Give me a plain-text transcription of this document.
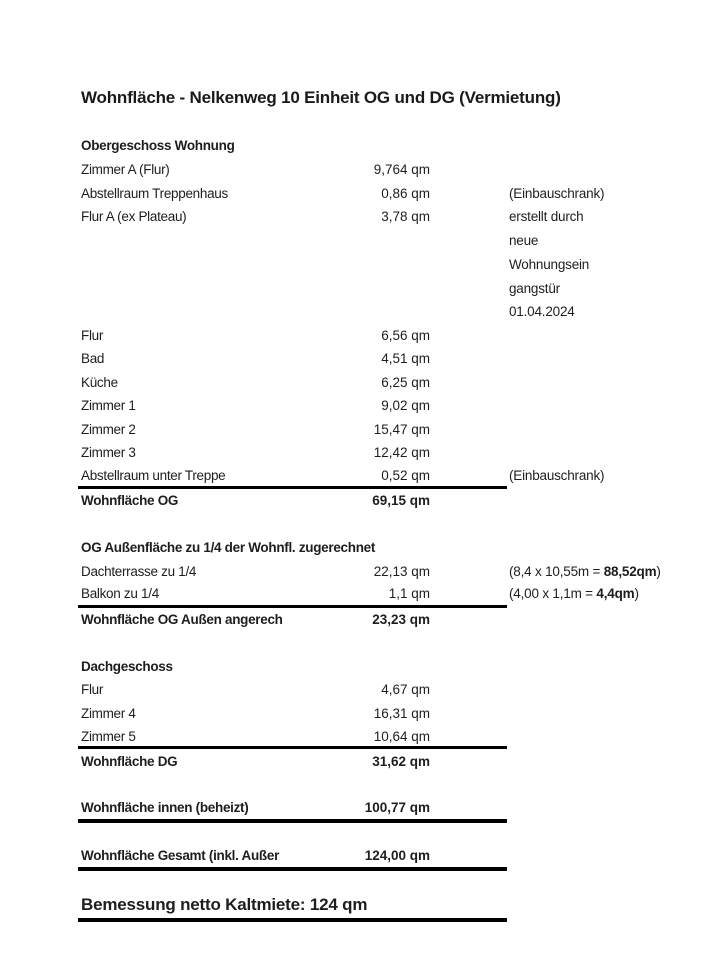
Wohnfläche - Nelkenweg 10 Einheit OG und DG (Vermietung)
Obergeschoss Wohnung
Zimmer A (Flur)	9,764 qm
Abstellraum Treppenhaus	0,86 qm	(Einbauschrank)
Flur A (ex Plateau)	3,78 qm	erstellt durch
neue
Wohnungsein
gangstür
01.04.2024
Flur	6,56 qm
Bad	4,51 qm
Küche	6,25 qm
Zimmer 1	9,02 qm
Zimmer 2	15,47 qm
Zimmer 3	12,42 qm
Abstellraum unter Treppe	0,52 qm	(Einbauschrank)
Wohnfläche OG	69,15 qm
OG Außenfläche zu 1/4 der Wohnfl. zugerechnet
Dachterrasse zu 1/4	22,13 qm	(8,4 x 10,55m = 88,52qm)
Balkon zu 1/4	1,1 qm	(4,00 x 1,1m = 4,4qm)
Wohnfläche OG Außen angerech	23,23 qm
Dachgeschoss
Flur	4,67 qm
Zimmer 4	16,31 qm
Zimmer 5	10,64 qm
Wohnfläche DG	31,62 qm
Wohnfläche innen (beheizt)	100,77 qm
Wohnfläche Gesamt (inkl. Außer	124,00 qm
Bemessung netto Kaltmiete: 124 qm
